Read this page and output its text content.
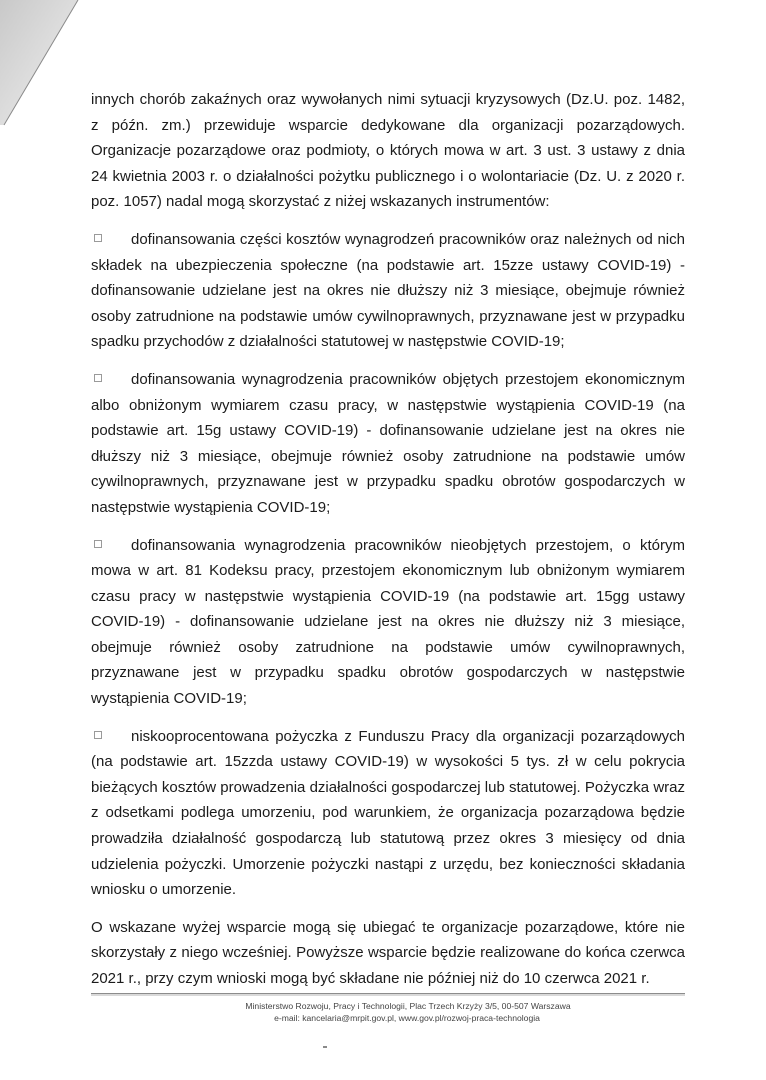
innych chorób zakaźnych oraz wywołanych nimi sytuacji kryzysowych (Dz.U. poz. 1482, z późn. zm.) przewiduje wsparcie dedykowane dla organizacji pozarządowych. Organizacje pozarządowe oraz podmioty, o których mowa w art. 3 ust. 3 ustawy z dnia 24 kwietnia 2003 r. o działalności pożytku publicznego i o wolontariacie (Dz. U. z 2020 r. poz. 1057) nadal mogą skorzystać z niżej wskazanych instrumentów:

dofinansowania części kosztów wynagrodzeń pracowników oraz należnych od nich składek na ubezpieczenia społeczne (na podstawie art. 15zze ustawy COVID-19) - dofinansowanie udzielane jest na okres nie dłuższy niż 3 miesiące, obejmuje również osoby zatrudnione na podstawie umów cywilnoprawnych, przyznawane jest w przypadku spadku przychodów z działalności statutowej w następstwie COVID-19;
dofinansowania wynagrodzenia pracowników objętych przestojem ekonomicznym albo obniżonym wymiarem czasu pracy, w następstwie wystąpienia COVID-19 (na podstawie art. 15g ustawy COVID-19) - dofinansowanie udzielane jest na okres nie dłuższy niż 3 miesiące, obejmuje również osoby zatrudnione na podstawie umów cywilnoprawnych, przyznawane jest w przypadku spadku obrotów gospodarczych w następstwie wystąpienia COVID-19;
dofinansowania wynagrodzenia pracowników nieobjętych przestojem, o którym mowa w art. 81 Kodeksu pracy, przestojem ekonomicznym lub obniżonym wymiarem czasu pracy w następstwie wystąpienia COVID-19 (na podstawie art. 15gg ustawy COVID-19) - dofinansowanie udzielane jest na okres nie dłuższy niż 3 miesiące, obejmuje również osoby zatrudnione na podstawie umów cywilnoprawnych, przyznawane jest w przypadku spadku obrotów gospodarczych w następstwie wystąpienia COVID-19;
niskooprocentowana pożyczka z Funduszu Pracy dla organizacji pozarządowych (na podstawie art. 15zzda ustawy COVID-19) w wysokości 5 tys. zł w celu pokrycia bieżących kosztów prowadzenia działalności gospodarczej lub statutowej. Pożyczka wraz z odsetkami podlega umorzeniu, pod warunkiem, że organizacja pozarządowa będzie prowadziła działalność gospodarczą lub statutową przez okres 3 miesięcy od dnia udzielenia pożyczki. Umorzenie pożyczki nastąpi z urzędu, bez konieczności składania wniosku o umorzenie.

O wskazane wyżej wsparcie mogą się ubiegać te organizacje pozarządowe, które nie skorzystały z niego wcześniej. Powyższe wsparcie będzie realizowane do końca czerwca 2021 r., przy czym wnioski mogą być składane nie później niż do 10 czerwca 2021 r.

Ministerstwo Rozwoju, Pracy i Technologii, Plac Trzech Krzyży 3/5, 00-507 Warszawa
e-mail: kancelaria@mrpit.gov.pl, www.gov.pl/rozwoj-praca-technologia
